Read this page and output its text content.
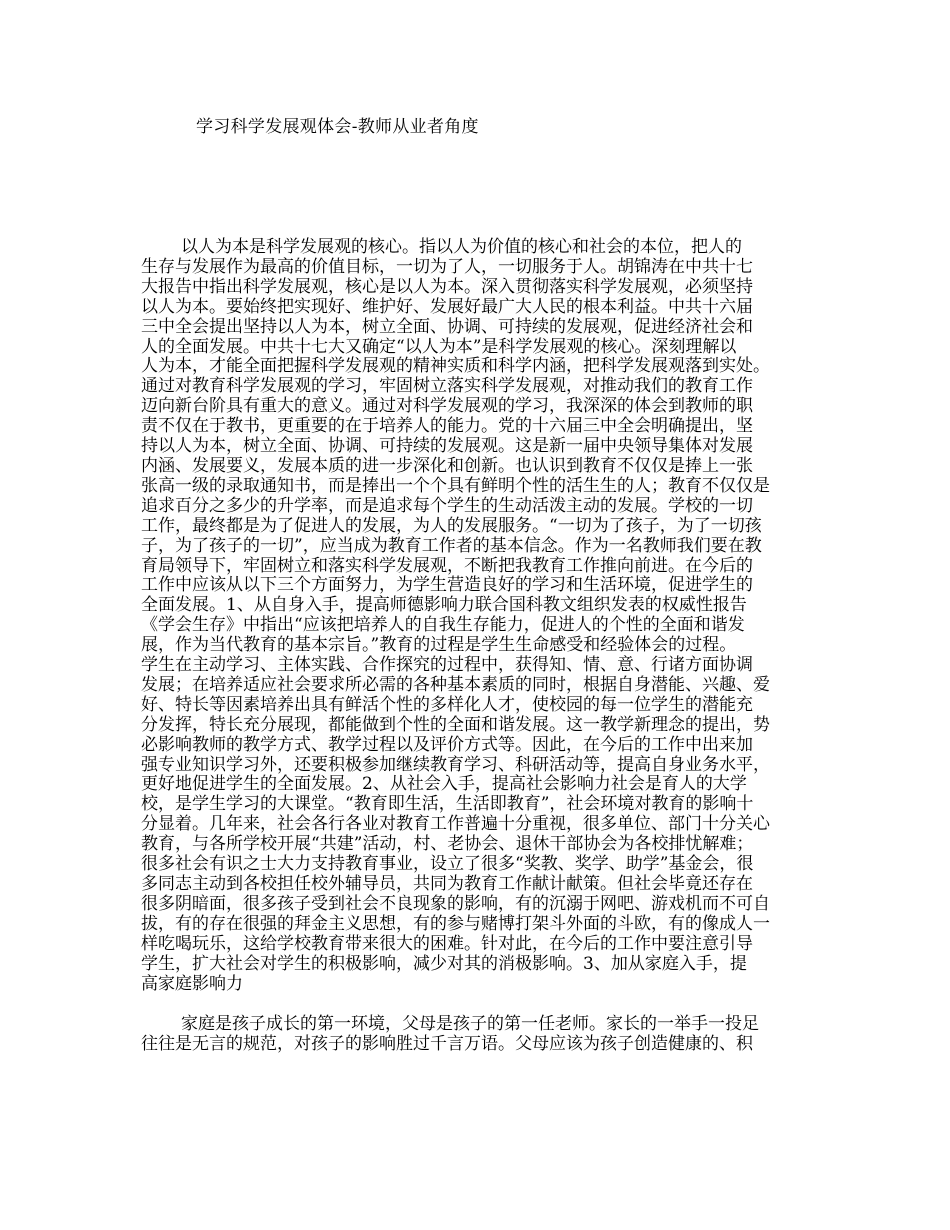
学习科学发展观体会-教师从业者角度
以人为本是科学发展观的核心。指以人为价值的核心和社会的本位，把人的
生存与发展作为最高的价值目标，一切为了人，一切服务于人。胡锦涛在中共十七
大报告中指出科学发展观，核心是以人为本。深入贯彻落实科学发展观，必须坚持
以人为本。要始终把实现好、维护好、发展好最广大人民的根本利益。中共十六届
三中全会提出坚持以人为本，树立全面、协调、可持续的发展观，促进经济社会和
人的全面发展。中共十七大又确定“以人为本”是科学发展观的核心。深刻理解以
人为本，才能全面把握科学发展观的精神实质和科学内涵，把科学发展观落到实处。
通过对教育科学发展观的学习，牢固树立落实科学发展观，对推动我们的教育工作
迈向新台阶具有重大的意义。通过对科学发展观的学习，我深深的体会到教师的职
责不仅在于教书，更重要的在于培养人的能力。党的十六届三中全会明确提出，坚
持以人为本，树立全面、协调、可持续的发展观。这是新一届中央领导集体对发展
内涵、发展要义，发展本质的进一步深化和创新。也认识到教育不仅仅是捧上一张
张高一级的录取通知书，而是捧出一个个具有鲜明个性的活生生的人；教育不仅仅是
追求百分之多少的升学率，而是追求每个学生的生动活泼主动的发展。学校的一切
工作，最终都是为了促进人的发展，为人的发展服务。“一切为了孩子，为了一切孩
子，为了孩子的一切”，应当成为教育工作者的基本信念。作为一名教师我们要在教
育局领导下，牢固树立和落实科学发展观，不断把我教育工作推向前进。在今后的
工作中应该从以下三个方面努力，为学生营造良好的学习和生活环境，促进学生的
全面发展。1、从自身入手，提高师德影响力联合国科教文组织发表的权威性报告
《学会生存》中指出“应该把培养人的自我生存能力，促进人的个性的全面和谐发
展，作为当代教育的基本宗旨。”教育的过程是学生生命感受和经验体会的过程。
学生在主动学习、主体实践、合作探究的过程中，获得知、情、意、行诸方面协调
发展；在培养适应社会要求所必需的各种基本素质的同时，根据自身潜能、兴趣、爱
好、特长等因素培养出具有鲜活个性的多样化人才，使校园的每一位学生的潜能充
分发挥，特长充分展现，都能做到个性的全面和谐发展。这一教学新理念的提出，势
必影响教师的教学方式、教学过程以及评价方式等。因此，在今后的工作中出来加
强专业知识学习外，还要积极参加继续教育学习、科研活动等，提高自身业务水平，
更好地促进学生的全面发展。2、从社会入手，提高社会影响力社会是育人的大学
校，是学生学习的大课堂。“教育即生活，生活即教育”，社会环境对教育的影响十
分显着。几年来，社会各行各业对教育工作普遍十分重视，很多单位、部门十分关心
教育，与各所学校开展“共建”活动，村、老协会、退休干部协会为各校排忧解难；
很多社会有识之士大力支持教育事业，设立了很多“奖教、奖学、助学”基金会，很
多同志主动到各校担任校外辅导员，共同为教育工作献计献策。但社会毕竟还存在
很多阴暗面，很多孩子受到社会不良现象的影响，有的沉溺于网吧、游戏机而不可自
拔，有的存在很强的拜金主义思想，有的参与赌博打架斗外面的斗欧，有的像成人一
样吃喝玩乐，这给学校教育带来很大的困难。针对此，在今后的工作中要注意引导
学生，扩大社会对学生的积极影响，减少对其的消极影响。3、加从家庭入手，提
高家庭影响力
家庭是孩子成长的第一环境，父母是孩子的第一任老师。家长的一举手一投足
往往是无言的规范，对孩子的影响胜过千言万语。父母应该为孩子创造健康的、积
